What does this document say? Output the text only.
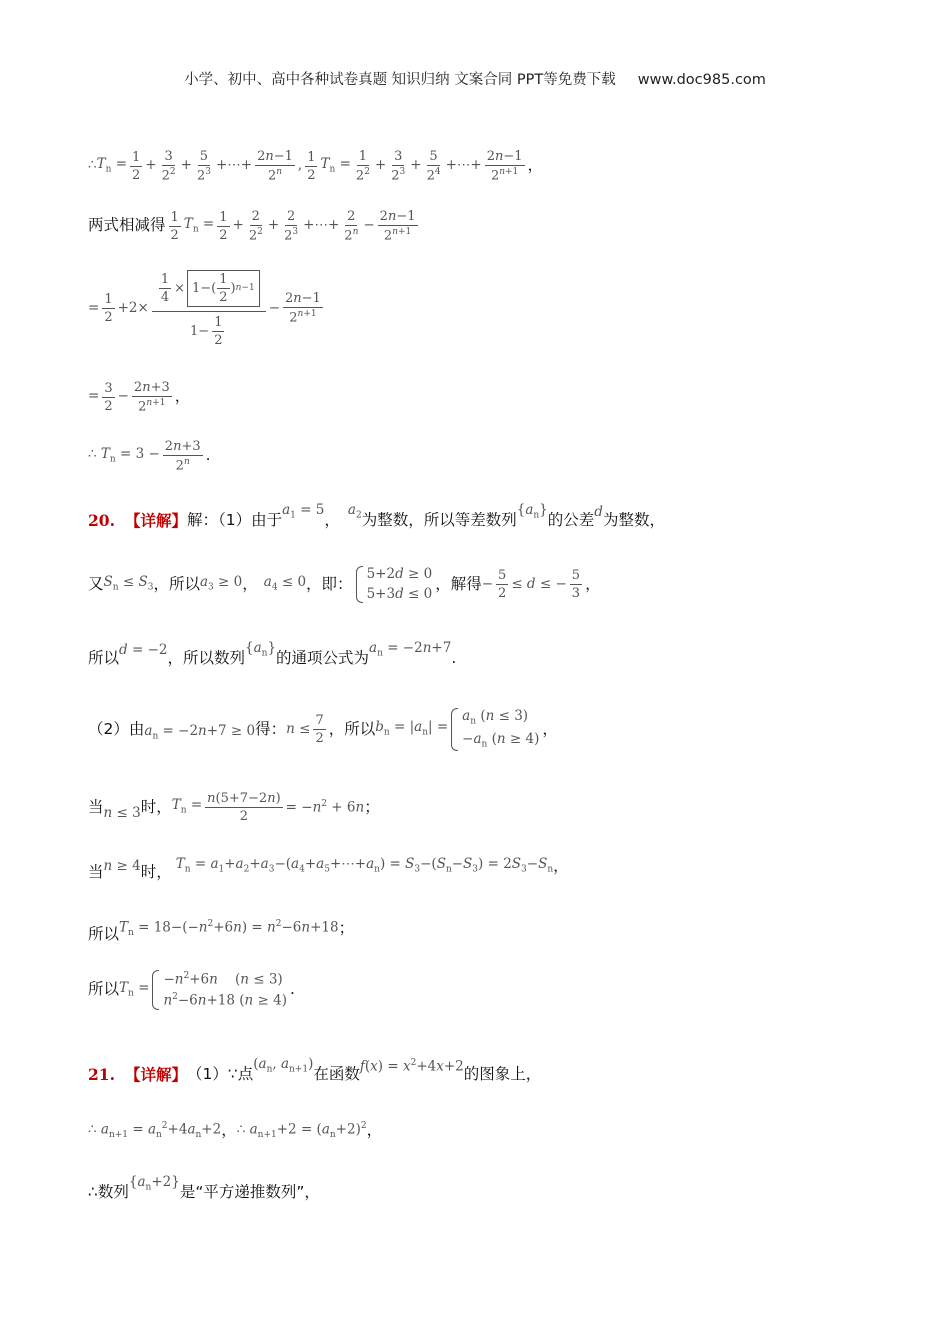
小学、初中、高中各种试卷真题 知识归纳 文案合同 PPT等免费下载 www.doc985.com
∴ $T_n = \frac{1}{2} + \frac{3}{2^2} + \frac{5}{2^3}$ +⋯+ $\frac{2n-1}{2^n}$ , $\frac{1}{2} T_n = \frac{1}{2^2} + \frac{3}{2^3} + \frac{5}{2^4}$ +⋯+ $\frac{2n-1}{2^{n+1}}$ ，
两式相减得 $\frac{1}{2} T_n = \frac{1}{2} + \frac{2}{2^2} + \frac{2}{2^3}$ +⋯+ $\frac{2}{2^n} - \frac{2n-1}{2^{n+1}}$
= $\frac{1}{2} +2\times \frac{\frac{1}{4} \times 1-( \frac{1}{2} ) n-1}{1- \frac{1}{2}} - \frac{2n-1}{2^{n+1}}$
= $\frac{3}{2} - \frac{2n+3}{2^{n+1}}$ ，
∴ $T_n = 3 - \frac{2n+3}{2^n}$ .
20. 【详解】 解：（1）由于
$a_1 = 5$
，
$a_2$ 为整数，所以等差数列
$\{a_n\}$
的公差 d 为整数，
又 $S_n \le S_3$ ，所以 $a_3 \ge 0$ ， $a_4 \le 0$ ，即：
5+2d ≥ 0
5+3d ≤ 0
，解得 − $\frac{5}{2} \le d$ ≤ − $\frac{5}{3}$ ，
所以 d = −2 ，所以数列
$\{a_n\}$
的通项公式为
$a_n = -2n+7$
.
（2）由 $a_n = -2n+7 \ge 0$ 得： $n \le \frac{7}{2}$ ，所以 $b_n = |a_n|$ =
$a_n$ (n ≤ 3)
$-a_n$ (n ≥ 4)
，
当 n ≤ 3 时， $T_n = \frac{n(5+7-2n)}{2} = -n^2 + 6n$ ；
当 n ≥ 4 时， $T_n$ = $a_1+a_2+a_3-(a_4+a_5+\cdots+a_n) = S_3-(S_n-S_3) = 2S_3-S_n$ ，
所以 $T_n = 18-(-n^2+6n) = n^2-6n+18$ ；
所以 $T_n$ =
$-n^2+6n$    (n ≤ 3)
$n^2-6n+18$ (n ≥ 4)
.
21. 【详解】 （1）∵点
($a_n$, $a_{n+1}$)
在函数 $f(x) = x^2+4x+2$ 的图象上，
∴ $a_{n+1} = a_n^2+4a_n+2$ ， ∴ $a_{n+1}+2 = (a_n+2)^2$ ，
∴数列
$\{a_n+2\}$
是“平方递推数列”，
